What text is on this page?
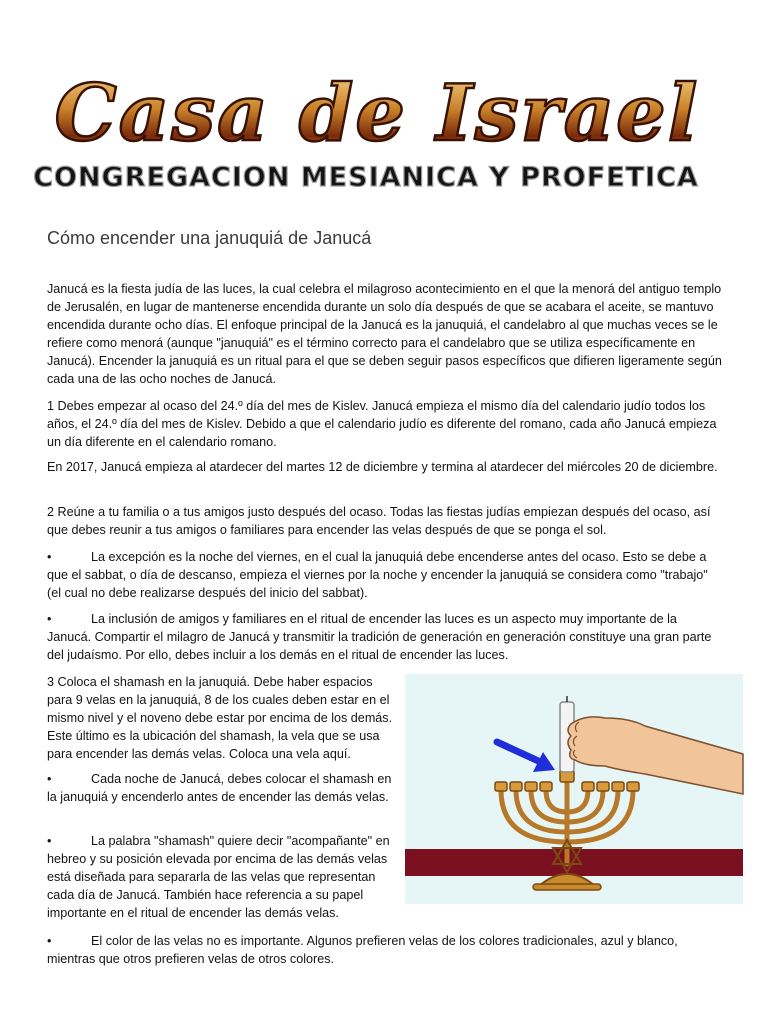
Casa de Israel
CONGREGACION MESIANICA Y PROFETICA
Cómo encender una januquiá de Janucá

Janucá es la fiesta judía de las luces, la cual celebra el milagroso acontecimiento en el que la menorá del antiguo templo de Jerusalén, en lugar de mantenerse encendida durante un solo día después de que se acabara el aceite, se mantuvo encendida durante ocho días. El enfoque principal de la Janucá es la januquiá, el candelabro al que muchas veces se le refiere como menorá (aunque "januquiá" es el término correcto para el candelabro que se utiliza específicamente en Janucá). Encender la januquiá es un ritual para el que se deben seguir pasos específicos que difieren ligeramente según cada una de las ocho noches de Janucá.

1 Debes empezar al ocaso del 24.º día del mes de Kislev. Janucá empieza el mismo día del calendario judío todos los años, el 24.º día del mes de Kislev. Debido a que el calendario judío es diferente del romano, cada año Janucá empieza un día diferente en el calendario romano.

En 2017, Janucá empieza al atardecer del martes 12 de diciembre y termina al atardecer del miércoles 20 de diciembre.

2 Reúne a tu familia o a tus amigos justo después del ocaso. Todas las fiestas judías empiezan después del ocaso, así que debes reunir a tus amigos o familiares para encender las velas después de que se ponga el sol.

•	La excepción es la noche del viernes, en el cual la januquiá debe encenderse antes del ocaso. Esto se debe a que el sabbat, o día de descanso, empieza el viernes por la noche y encender la januquiá se considera como "trabajo" (el cual no debe realizarse después del inicio del sabbat).

•	La inclusión de amigos y familiares en el ritual de encender las luces es un aspecto muy importante de la Janucá. Compartir el milagro de Janucá y transmitir la tradición de generación en generación constituye una gran parte del judaísmo. Por ello, debes incluir a los demás en el ritual de encender las luces.

3 Coloca el shamash en la januquiá. Debe haber espacios para 9 velas en la januquiá, 8 de los cuales deben estar en el mismo nivel y el noveno debe estar por encima de los demás. Este último es la ubicación del shamash, la vela que se usa para encender las demás velas. Coloca una vela aquí.

•	Cada noche de Janucá, debes colocar el shamash en la januquiá y encenderlo antes de encender las demás velas.

•	La palabra "shamash" quiere decir "acompañante" en hebreo y su posición elevada por encima de las demás velas está diseñada para separarla de las velas que representan cada día de Janucá. También hace referencia a su papel importante en el ritual de encender las demás velas.

•	El color de las velas no es importante. Algunos prefieren velas de los colores tradicionales, azul y blanco, mientras que otros prefieren velas de otros colores.
